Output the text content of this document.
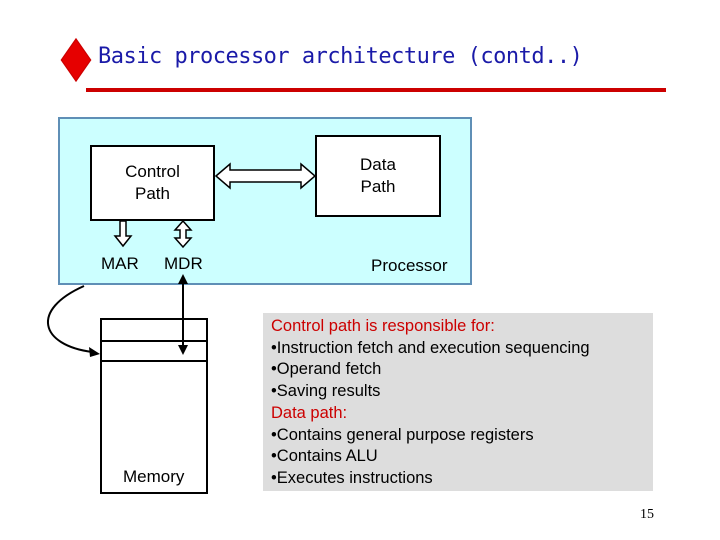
Basic processor architecture (contd..)
Control
Path
Data
Path
MAR MDR	Processor
Memory
Control path is responsible for:
•Instruction fetch and execution sequencing
•Operand fetch
•Saving results
Data path:
•Contains general purpose registers
•Contains ALU
•Executes instructions
15
